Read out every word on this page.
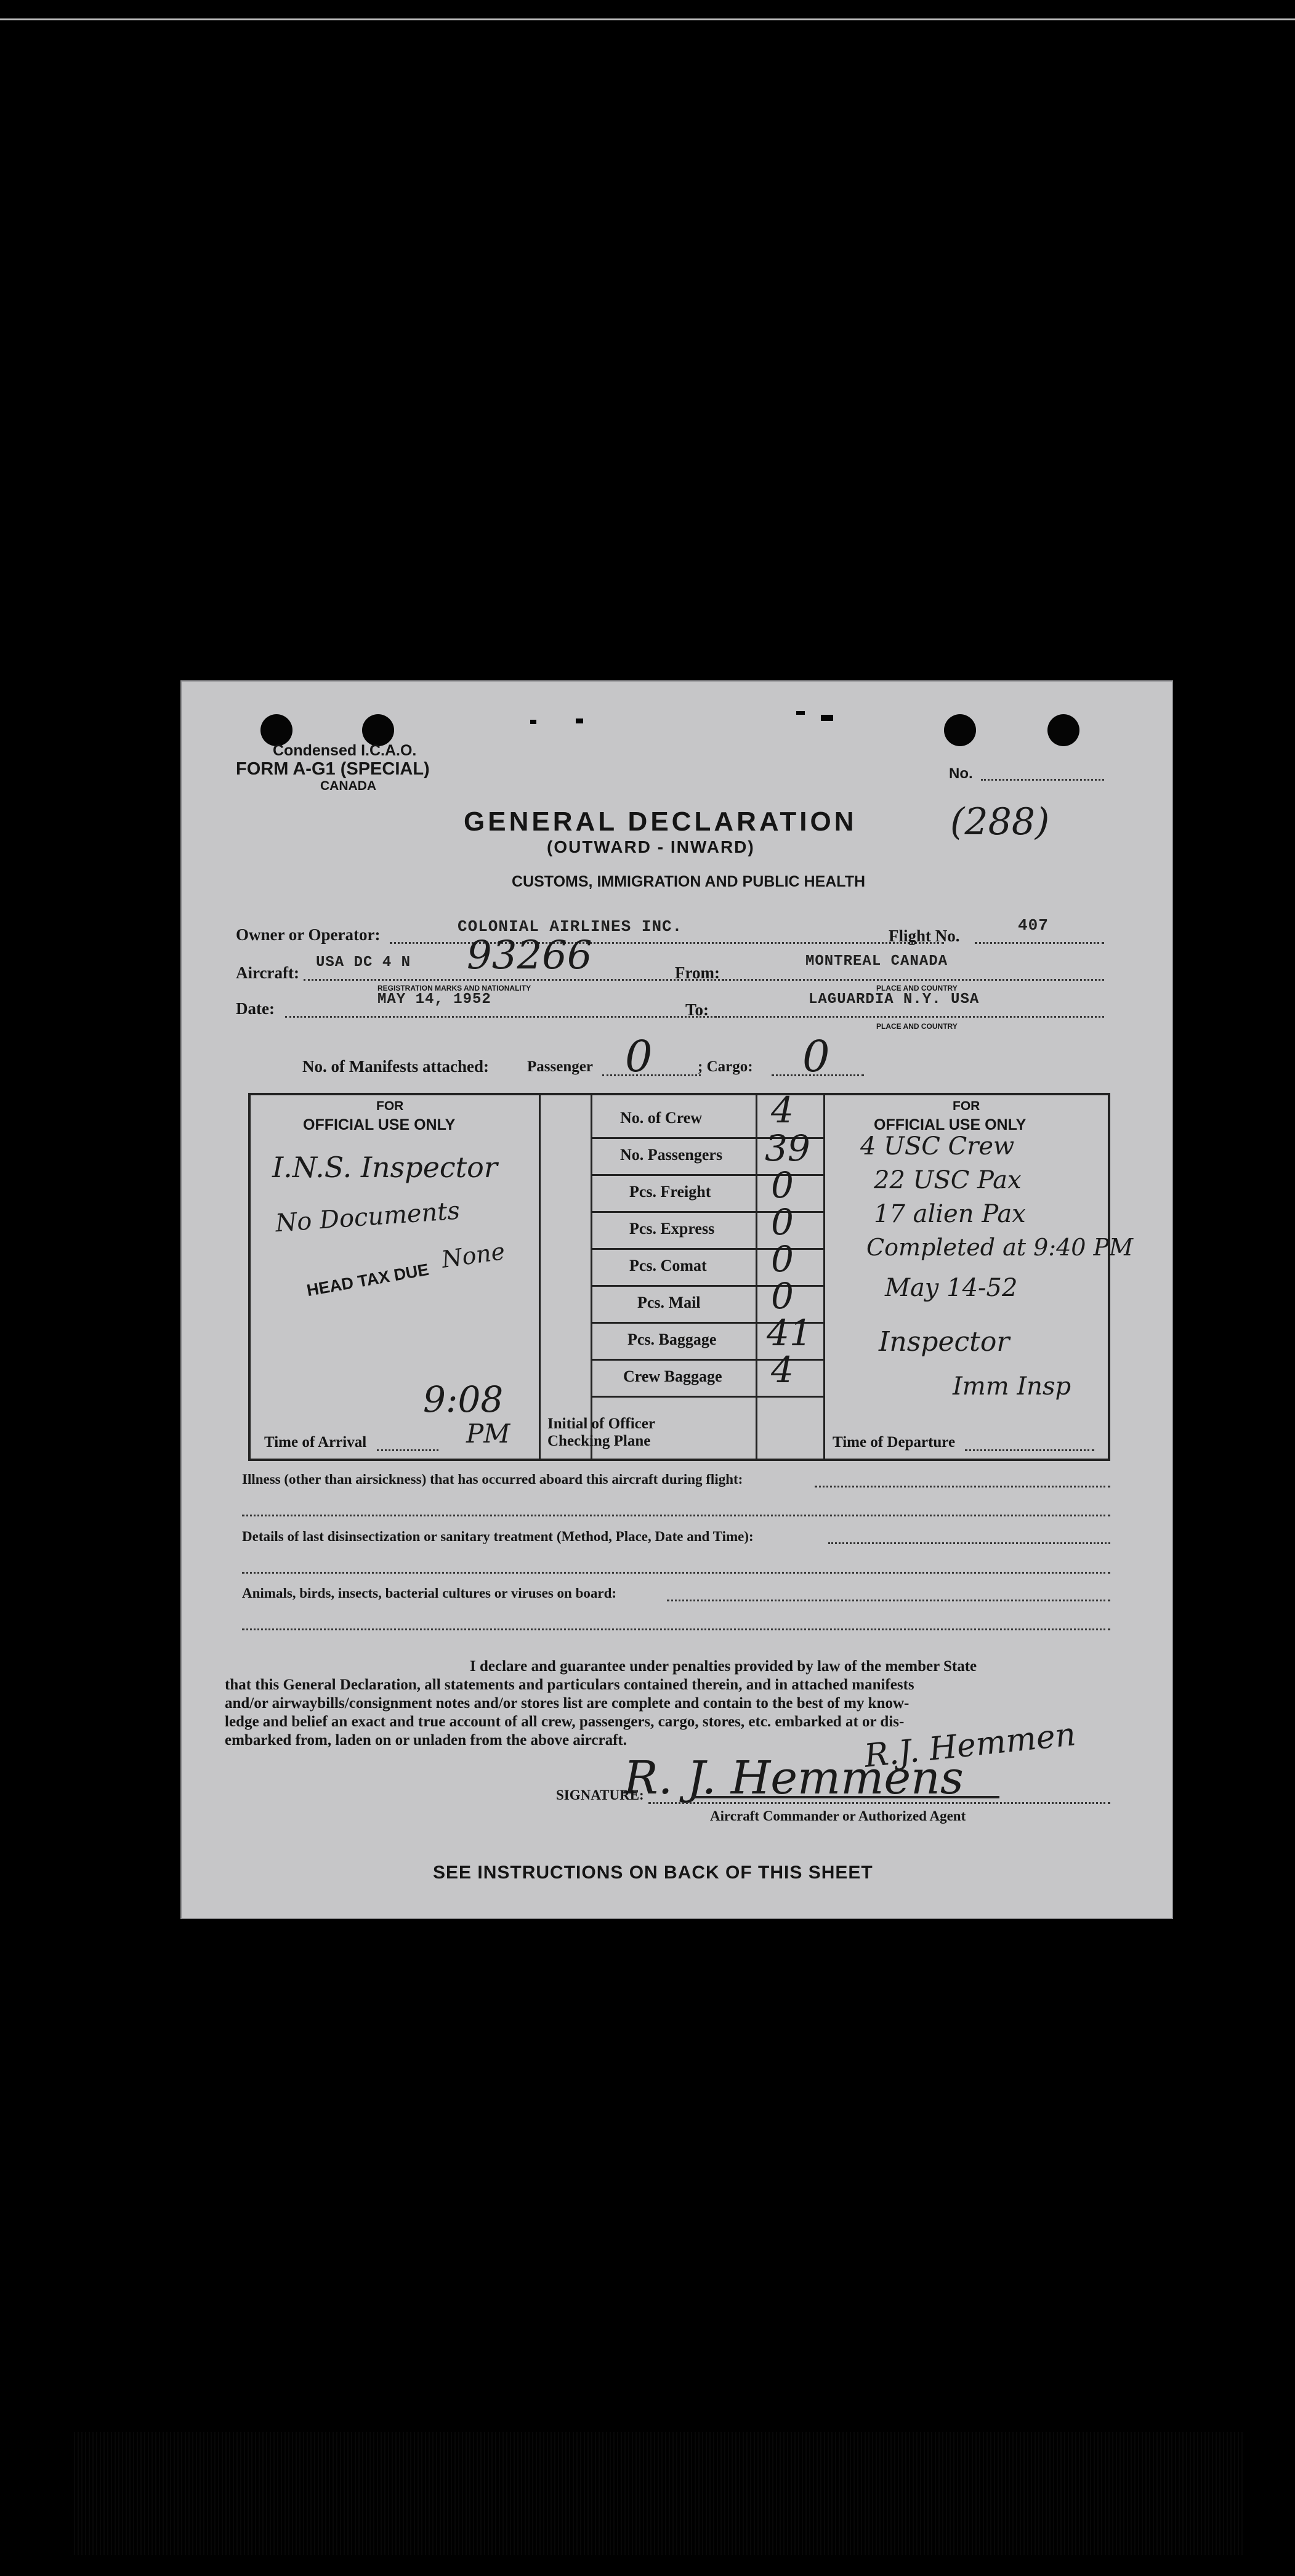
Condensed I.C.A.O.
FORM A-G1 (SPECIAL)
CANADA
No.
(288)
GENERAL DECLARATION
(OUTWARD - INWARD)
CUSTOMS, IMMIGRATION AND PUBLIC HEALTH
Owner or Operator:	COLONIAL AIRLINES INC.	Flight No.
407
Aircraft:
USA DC 4 N 93266
REGISTRATION MARKS AND NATIONALITY
From:
MONTREAL CANADA
PLACE AND COUNTRY
Date:	MAY 14, 1952
To:
LAGUARDIA N.Y. USA
PLACE AND COUNTRY
No. of Manifests attached: Passenger 0	; Cargo: 0
FOR
OFFICIAL USE ONLY
I.N.S. Inspector
No Documents
HEAD TAX DUE
None
9:08
PM
Time of Arrival
Initial of Officer
Checking Plane
No. of Crew 4
No. Passengers 39
Pcs. Freight 0
Pcs. Express 0
Pcs. Comat 0
Pcs. Mail 0
Pcs. Baggage 41
Crew Baggage 4
FOR
OFFICIAL USE ONLY
4 USC Crew
22 USC Pax
17 alien Pax
Completed at 9:40 PM
May 14-52
Inspector
Imm Insp
Time of Departure
Illness (other than airsickness) that has occurred aboard this aircraft during flight:
Details of last disinsectization or sanitary treatment (Method, Place, Date and Time):
Animals, birds, insects, bacterial cultures or viruses on board:
I declare and guarantee under penalties provided by law of the member State
that this General Declaration, all statements and particulars contained therein, and in attached manifests
and/or airwaybills/consignment notes and/or stores list are complete and contain to the best of my know-
ledge and belief an exact and true account of all crew, passengers, cargo, stores, etc. embarked at or dis-
embarked from, laden on or unladen from the above aircraft.	R.J. Hemmen
R. J. Hemmens
SIGNATURE:
Aircraft Commander or Authorized Agent
SEE INSTRUCTIONS ON BACK OF THIS SHEET
